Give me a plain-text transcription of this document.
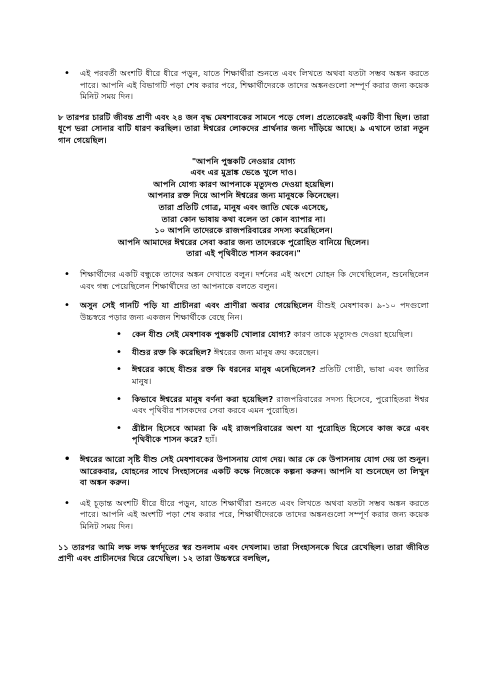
• এই পরবর্তী অংশটি ধীরে ধীরে পড়ুন, যাতে শিক্ষার্থীরা শুনতে এবং লিখতে অথবা যতটা সম্ভব অঙ্কন করতে পারে। আপনি এই বিভাগটি পড়া শেষ করার পরে, শিক্ষার্থীদেরকে তাদের অঙ্কনগুলো সম্পূর্ণ করার জন্য কয়েক মিনিট সময় দিন।

৮ তারপর চারটি জীবন্ত প্রাণী এবং ২৪ জন বৃদ্ধ মেষশাবকের সামনে পড়ে গেল। প্রত্যেকেরই একটি বীণা ছিল। তারা ধূপে ভরা সোনার বাটি ধারণ করছিল। তারা ঈশ্বরের লোকদের প্রার্থনার জন্য দাঁড়িয়ে আছে। ৯ এখানে তারা নতুন গান গেয়েছিল।

"আপনি পুস্তকটি নেওয়ার যোগ্য
এবং এর মুদ্রাঙ্ক ভেঙে খুলে দাও।
আপনি যোগ্য কারণ আপনাকে মৃত্যুদণ্ড দেওয়া হয়েছিল।
আপনার রক্ত দিয়ে আপনি ঈশ্বরের জন্য মানুষকে কিনেছেন।
তারা প্রতিটি গোত্র, মানুষ এবং জাতি থেকে এসেছে,
তারা কোন ভাষায় কথা বলেন তা কোন ব্যাপার না।
১০ আপনি তাদেরকে রাজপরিবারের সদস্য করেছিলেন।
আপনি আমাদের ঈশ্বরের সেবা করার জন্য তাদেরকে পুরোহিত বানিয়ে ছিলেন।
তারা এই পৃথিবীতে শাসন করবেন।"

• শিক্ষার্থীদের একটি বন্ধুকে তাদের অঙ্কন দেখাতে বলুন। দর্শনের এই অংশে যোহন কি দেখেছিলেন, শুনেছিলেন এবং গন্ধ পেয়েছিলেন শিক্ষার্থীদের তা আপনাকে বলতে বলুন।
• অসুন সেই গানটি পড়ি যা প্রাচীনরা এবং প্রাণীরা অবার গেয়েছিলেন যীশুই মেষশাবক। ৯-১০ পদগুলো উচ্চস্বরে পড়ার জন্য একজন শিক্ষার্থীকে বেছে নিন।
• কেন যীশু সেই মেষশাবক পুস্তকটি খোলার যোগ্য? কারণ তাকে মৃত্যুদণ্ড দেওয়া হয়েছিল।
• যীশুর রক্ত কি করেছিল? ঈশ্বরের জন্য মানুষ ক্রয় করেছেন।
• ঈশ্বরের কাছে যীশুর রক্ত কি ধরনের মানুষ এনেছিলেন? প্রতিটি গোষ্ঠী, ভাষা এবং জাতির মানুষ।
• কিভাবে ঈশ্বরের মানুষ বর্ণনা করা হয়েছিল? রাজপরিবারের সদস্য হিসেবে, পুরোহিতরা ঈশ্বর এবং পৃথিবীর শাসকদের সেবা করবে এমন পুরোহিত।
• খ্রীষ্টান হিসেবে আমরা কি এই রাজপরিবারের অংশ যা পুরোহিত হিসেবে কাজ করে এবং পৃথিবীকে শাসন করে? হ্যাঁ।
• ঈশ্বরের আরো সৃষ্টি যীশু সেই মেষশাবকের উপাসনায় যোগ দেয়। আর কে কে উপাসনায় যোগ দেয় তা শুনুন। আরেকবার, যোহনের সাথে সিংহাসনের একটি কক্ষে নিজেকে কল্পনা করুন। আপনি যা শুনেছেন তা লিখুন বা অঙ্কন করুন।
• এই চূড়ান্ত অংশটি ধীরে ধীরে পড়ুন, যাতে শিক্ষার্থীরা শুনতে এবং লিখতে অথবা যতটা সম্ভব অঙ্কন করতে পারে। আপনি এই অংশটি পড়া শেষ করার পরে, শিক্ষার্থীদেরকে তাদের অঙ্কনগুলো সম্পূর্ণ করার জন্য কয়েক মিনিট সময় দিন।

১১ তারপর আমি লক্ষ লক্ষ স্বর্গদূতের স্বর শুনলাম এবং দেখলাম। তারা সিংহাসনকে ঘিরে রেখেছিল। তারা জীবিত প্রাণী এবং প্রাচীনদের ঘিরে রেখেছিল। ১২ তারা উচ্চস্বরে বলছিল,
